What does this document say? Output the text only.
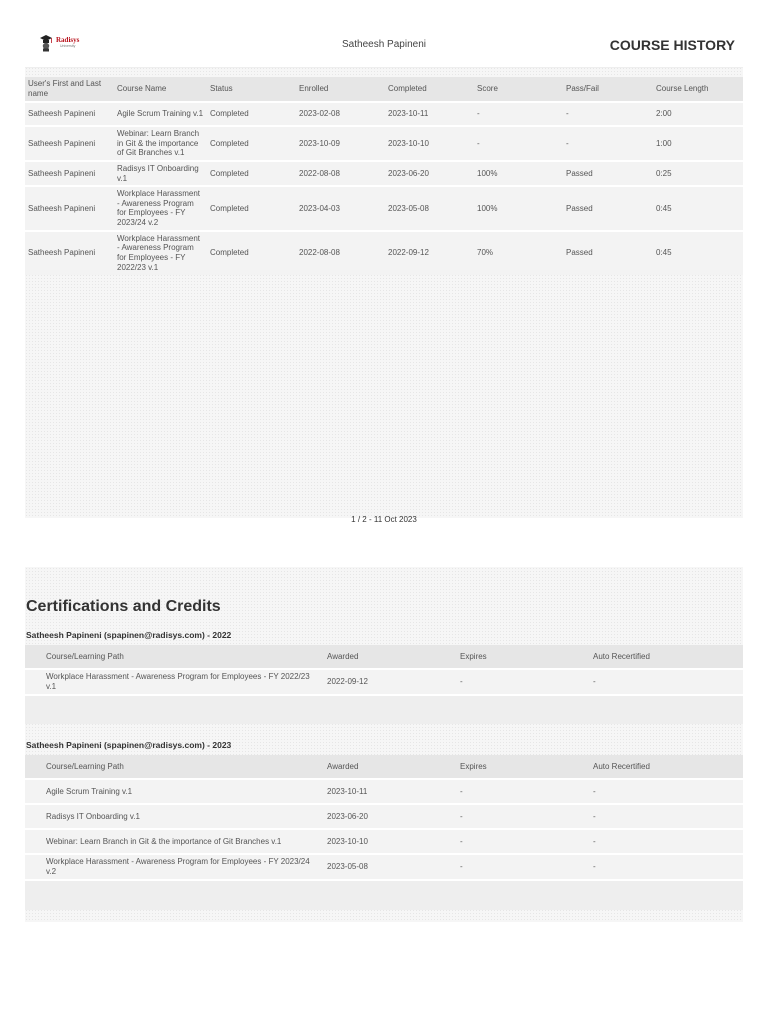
Radisys
University	Satheesh Papineni	COURSE HISTORY
User's First and Last name	Course Name	Status	Enrolled	Completed	Score	Pass/Fail	Course Length
Satheesh Papineni	Agile Scrum Training v.1	Completed	2023-02-08	2023-10-11	-	-	2:00
Satheesh Papineni	Webinar: Learn Branch in Git & the importance of Git Branches v.1	Completed	2023-10-09	2023-10-10	-	-	1:00
Satheesh Papineni	Radisys IT Onboarding v.1	Completed	2022-08-08	2023-06-20	100%	Passed	0:25
Satheesh Papineni	Workplace Harassment - Awareness Program for Employees - FY 2023/24 v.2	Completed	2023-04-03	2023-05-08	100%	Passed	0:45
Satheesh Papineni	Workplace Harassment - Awareness Program for Employees - FY 2022/23 v.1	Completed	2022-08-08	2022-09-12	70%	Passed	0:45
1 / 2 - 11 Oct 2023
Certifications and Credits
Satheesh Papineni (spapinen@radisys.com) - 2022
Course/Learning Path	Awarded	Expires	Auto Recertified
Workplace Harassment - Awareness Program for Employees - FY 2022/23 v.1	2022-09-12	-	-
Satheesh Papineni (spapinen@radisys.com) - 2023
Course/Learning Path	Awarded	Expires	Auto Recertified
Agile Scrum Training v.1	2023-10-11	-	-
Radisys IT Onboarding v.1	2023-06-20	-	-
Webinar: Learn Branch in Git & the importance of Git Branches v.1	2023-10-10	-	-
Workplace Harassment - Awareness Program for Employees - FY 2023/24 v.2	2023-05-08	-	-
